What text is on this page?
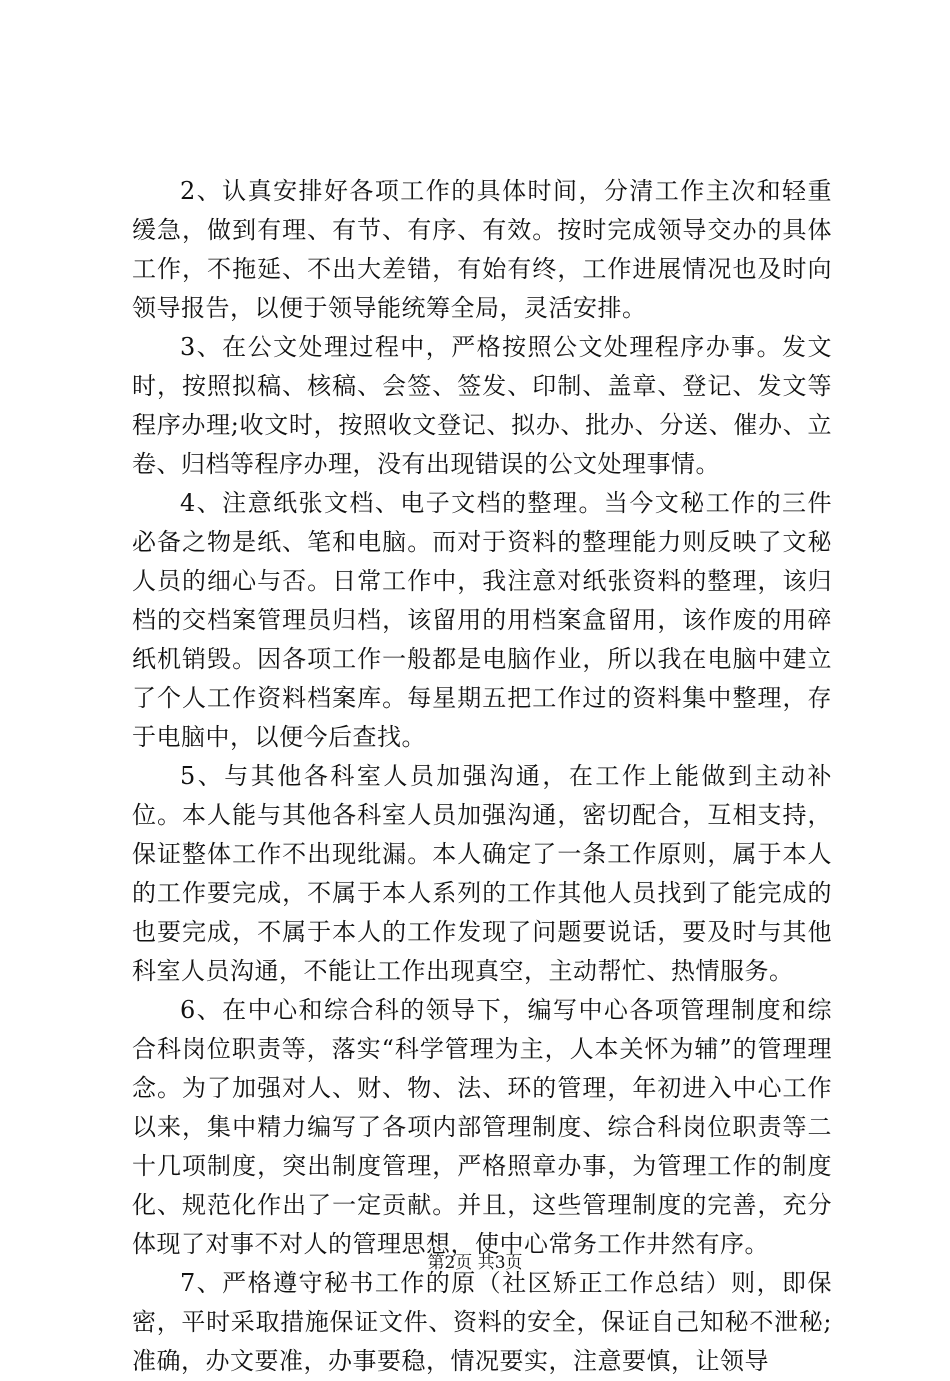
2、认真安排好各项工作的具体时间，分清工作主次和轻重缓急，做到有理、有节、有序、有效。按时完成领导交办的具体工作，不拖延、不出大差错，有始有终，工作进展情况也及时向领导报告，以便于领导能统筹全局，灵活安排。

3、在公文处理过程中，严格按照公文处理程序办事。发文时，按照拟稿、核稿、会签、签发、印制、盖章、登记、发文等程序办理;收文时，按照收文登记、拟办、批办、分送、催办、立卷、归档等程序办理，没有出现错误的公文处理事情。

4、注意纸张文档、电子文档的整理。当今文秘工作的三件必备之物是纸、笔和电脑。而对于资料的整理能力则反映了文秘人员的细心与否。日常工作中，我注意对纸张资料的整理，该归档的交档案管理员归档，该留用的用档案盒留用，该作废的用碎纸机销毁。因各项工作一般都是电脑作业，所以我在电脑中建立了个人工作资料档案库。每星期五把工作过的资料集中整理，存于电脑中，以便今后查找。

5、与其他各科室人员加强沟通，在工作上能做到主动补位。本人能与其他各科室人员加强沟通，密切配合，互相支持，保证整体工作不出现纰漏。本人确定了一条工作原则，属于本人的工作要完成，不属于本人系列的工作其他人员找到了能完成的也要完成，不属于本人的工作发现了问题要说话，要及时与其他科室人员沟通，不能让工作出现真空，主动帮忙、热情服务。

6、在中心和综合科的领导下，编写中心各项管理制度和综合科岗位职责等，落实“科学管理为主，人本关怀为辅”的管理理念。为了加强对人、财、物、法、环的管理，年初进入中心工作以来，集中精力编写了各项内部管理制度、综合科岗位职责等二十几项制度，突出制度管理，严格照章办事，为管理工作的制度化、规范化作出了一定贡献。并且，这些管理制度的完善，充分体现了对事不对人的管理思想，使中心常务工作井然有序。

7、严格遵守秘书工作的原（社区矫正工作总结）则，即保密，平时采取措施保证文件、资料的安全，保证自己知秘不泄秘;准确，办文要准，办事要稳，情况要实，注意要慎，让领导

第2页 共3页
